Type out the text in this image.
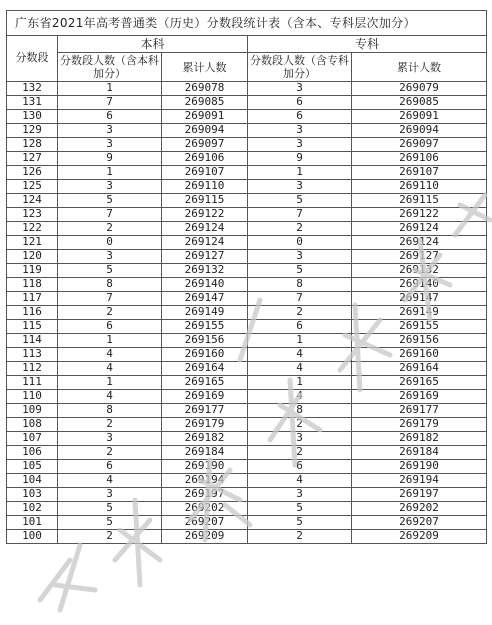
广东省2021年高考普通类（历史）分数段统计表（含本、专科层次加分）				
分数段	本科		专科	
	分数段人数（含本科加分）	累计人数	分数段人数（含专科加分）	累计人数
132	1	269078	3	269079
131	7	269085	6	269085
130	6	269091	6	269091
129	3	269094	3	269094
128	3	269097	3	269097
127	9	269106	9	269106
126	1	269107	1	269107
125	3	269110	3	269110
124	5	269115	5	269115
123	7	269122	7	269122
122	2	269124	2	269124
121	0	269124	0	269124
120	3	269127	3	269127
119	5	269132	5	269132
118	8	269140	8	269140
117	7	269147	7	269147
116	2	269149	2	269149
115	6	269155	6	269155
114	1	269156	1	269156
113	4	269160	4	269160
112	4	269164	4	269164
111	1	269165	1	269165
110	4	269169	4	269169
109	8	269177	8	269177
108	2	269179	2	269179
107	3	269182	3	269182
106	2	269184	2	269184
105	6	269190	6	269190
104	4	269194	4	269194
103	3	269197	3	269197
102	5	269202	5	269202
101	5	269207	5	269207
100	2	269209	2	269209
